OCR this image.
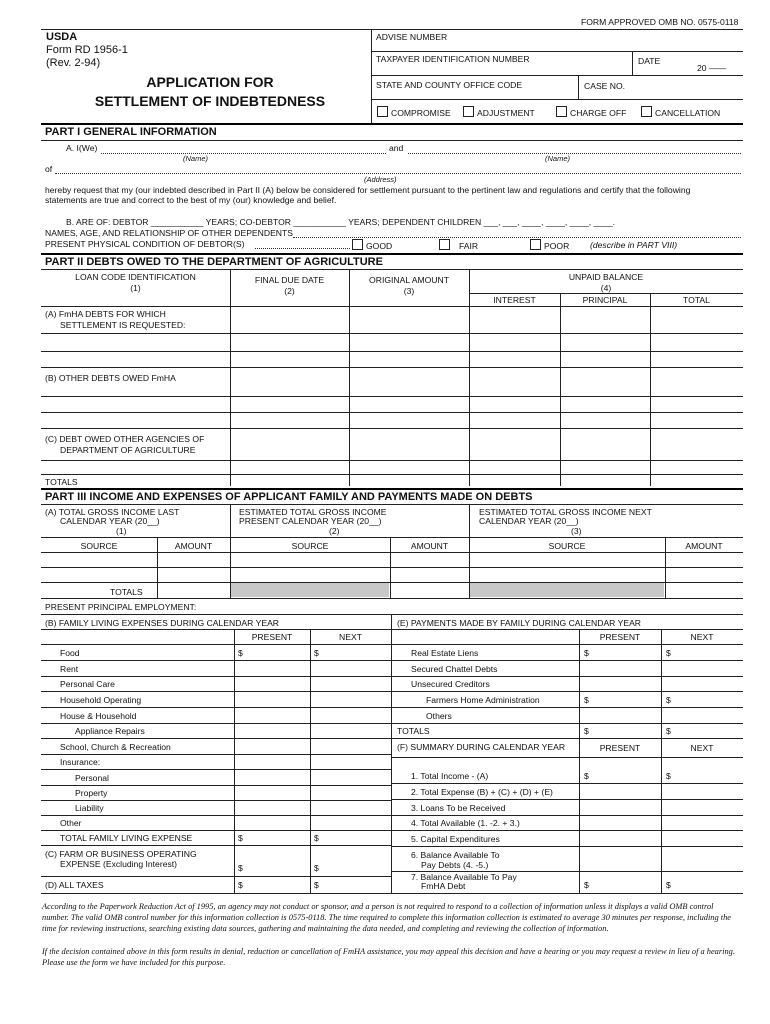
FORM APPROVED OMB NO. 0575-0118
USDA
Form RD 1956-1
(Rev. 2-94)
APPLICATION FOR
SETTLEMENT OF INDEBTEDNESS
ADVISE NUMBER
TAXPAYER IDENTIFICATION NUMBER	DATE
20 ——
STATE AND COUNTY OFFICE CODE	CASE NO.
COMPROMISE	ADJUSTMENT	CHARGE OFF	CANCELLATION
PART I GENERAL INFORMATION
A. I(We)	and
(Name)	(Name)
of
(Address)
hereby request that my (our indebted described in Part II (A) below be considered for settlement pursuant to the pertinent law and regulations and certify that the following
statements are true and correct to the best of my (our) knowledge and belief.
B. ARE OF: DEBTOR ___________ YEARS; CO-DEBTOR ___________ YEARS; DEPENDENT CHILDREN ___, ___, ____, ____, ____, ____.
NAMES, AGE, AND RELATIONSHIP OF OTHER DEPENDENTS
PRESENT PHYSICAL CONDITION OF DEBTOR(S)	GOOD	FAIR	POOR (describe in PART VIII)
PART II DEBTS OWED TO THE DEPARTMENT OF AGRICULTURE
LOAN CODE IDENTIFICATION
(1)
FINAL DUE DATE
(2)
ORIGINAL AMOUNT
(3)
UNPAID BALANCE
(4)
INTEREST	PRINCIPAL	TOTAL
(A) FmHA DEBTS FOR WHICH
SETTLEMENT IS REQUESTED:
(B) OTHER DEBTS OWED FmHA
(C) DEBT OWED OTHER AGENCIES OF
DEPARTMENT OF AGRICULTURE
TOTALS
PART III INCOME AND EXPENSES OF APPLICANT FAMILY AND PAYMENTS MADE ON DEBTS
(A) TOTAL GROSS INCOME LAST
CALENDAR YEAR (20__)
(1)
ESTIMATED TOTAL GROSS INCOME
PRESENT CALENDAR YEAR (20__)
(2)
ESTIMATED TOTAL GROSS INCOME NEXT
CALENDAR YEAR (20__)
(3)
SOURCE	AMOUNT	SOURCE	AMOUNT	SOURCE	AMOUNT
TOTALS
PRESENT PRINCIPAL EMPLOYMENT:
(B) FAMILY LIVING EXPENSES DURING CALENDAR YEAR
PRESENT	NEXT
Food	$	$
Rent
Personal Care
Household Operating
House & Household
Appliance Repairs
School, Church & Recreation
Insurance:
Personal
Property
Liability
Other
TOTAL FAMILY LIVING EXPENSE	$	$
(C) FARM OR BUSINESS OPERATING
EXPENSE (Excluding Interest)	$	$
(D) ALL TAXES	$	$
(E) PAYMENTS MADE BY FAMILY DURING CALENDAR YEAR
PRESENT	NEXT
Real Estate Liens	$	$
Secured Chattel Debts
Unsecured Creditors
Farmers Home Administration	$	$
Others
TOTALS	$	$
(F) SUMMARY DURING CALENDAR YEAR	PRESENT	NEXT
1. Total Income - (A)	$	$
2. Total Expense (B) + (C) + (D) + (E)
3. Loans To be Received
4. Total Available (1. -2. + 3.)
5. Capital Expenditures
6. Balance Available To
Pay Debts (4. -5.)
7. Balance Available To Pay
FmHA Debt	$	$
According to the Paperwork Reduction Act of 1995, an agency may not conduct or sponsor, and a person is not required to respond to a collection of information unless it displays a valid OMB control number. The valid OMB control number for this information collection is 0575-0118. The time required to complete this information collection is estimated to average 30 minutes per response, including the time for reviewing instructions, searching existing data sources, gathering and maintaining the data needed, and completing and reviewing the collection of information.
If the decision contained above in this form results in denial, reduction or cancellation of FmHA assistance, you may appeal this decision and have a hearing or you may request a review in lieu of a hearing. Please use the form we have included for this purpose.
